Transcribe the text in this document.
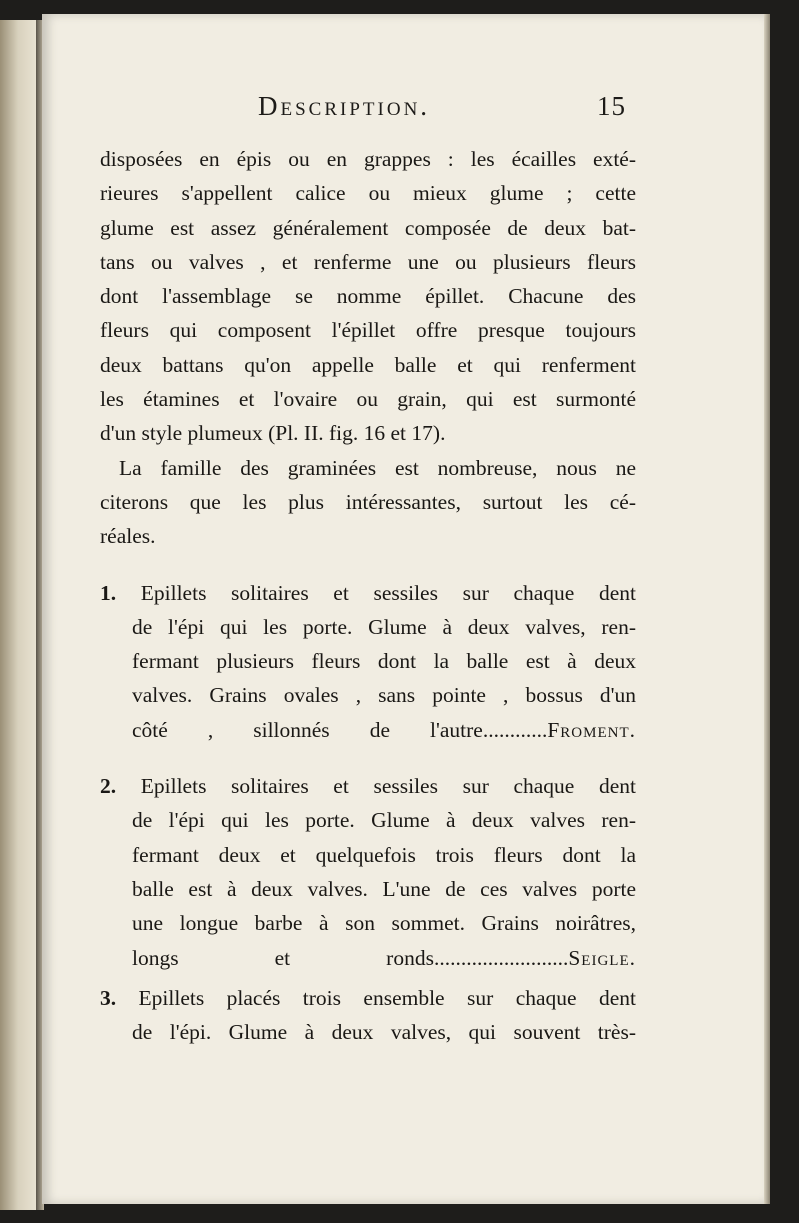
Description.	15
disposées en épis ou en grappes : les écailles exté-
rieures s'appellent calice ou mieux glume ; cette
glume est assez généralement composée de deux bat-
tans ou valves , et renferme une ou plusieurs fleurs
dont l'assemblage se nomme épillet. Chacune des
fleurs qui composent l'épillet offre presque toujours
deux battans qu'on appelle balle et qui renferment
les étamines et l'ovaire ou grain, qui est surmonté
d'un style plumeux (Pl. II. fig. 16 et 17).
La famille des graminées est nombreuse, nous ne
citerons que les plus intéressantes, surtout les cé-
réales.
1. Epillets solitaires et sessiles sur chaque dent
de l'épi qui les porte. Glume à deux valves, ren-
fermant plusieurs fleurs dont la balle est à deux
valves. Grains ovales , sans pointe , bossus d'un
côté , sillonnés de l'autre............Froment.
2. Epillets solitaires et sessiles sur chaque dent
de l'épi qui les porte. Glume à deux valves ren-
fermant deux et quelquefois trois fleurs dont la
balle est à deux valves. L'une de ces valves porte
une longue barbe à son sommet. Grains noirâtres,
longs et ronds.........................Seigle.
3. Epillets placés trois ensemble sur chaque dent
de l'épi. Glume à deux valves, qui souvent très-
